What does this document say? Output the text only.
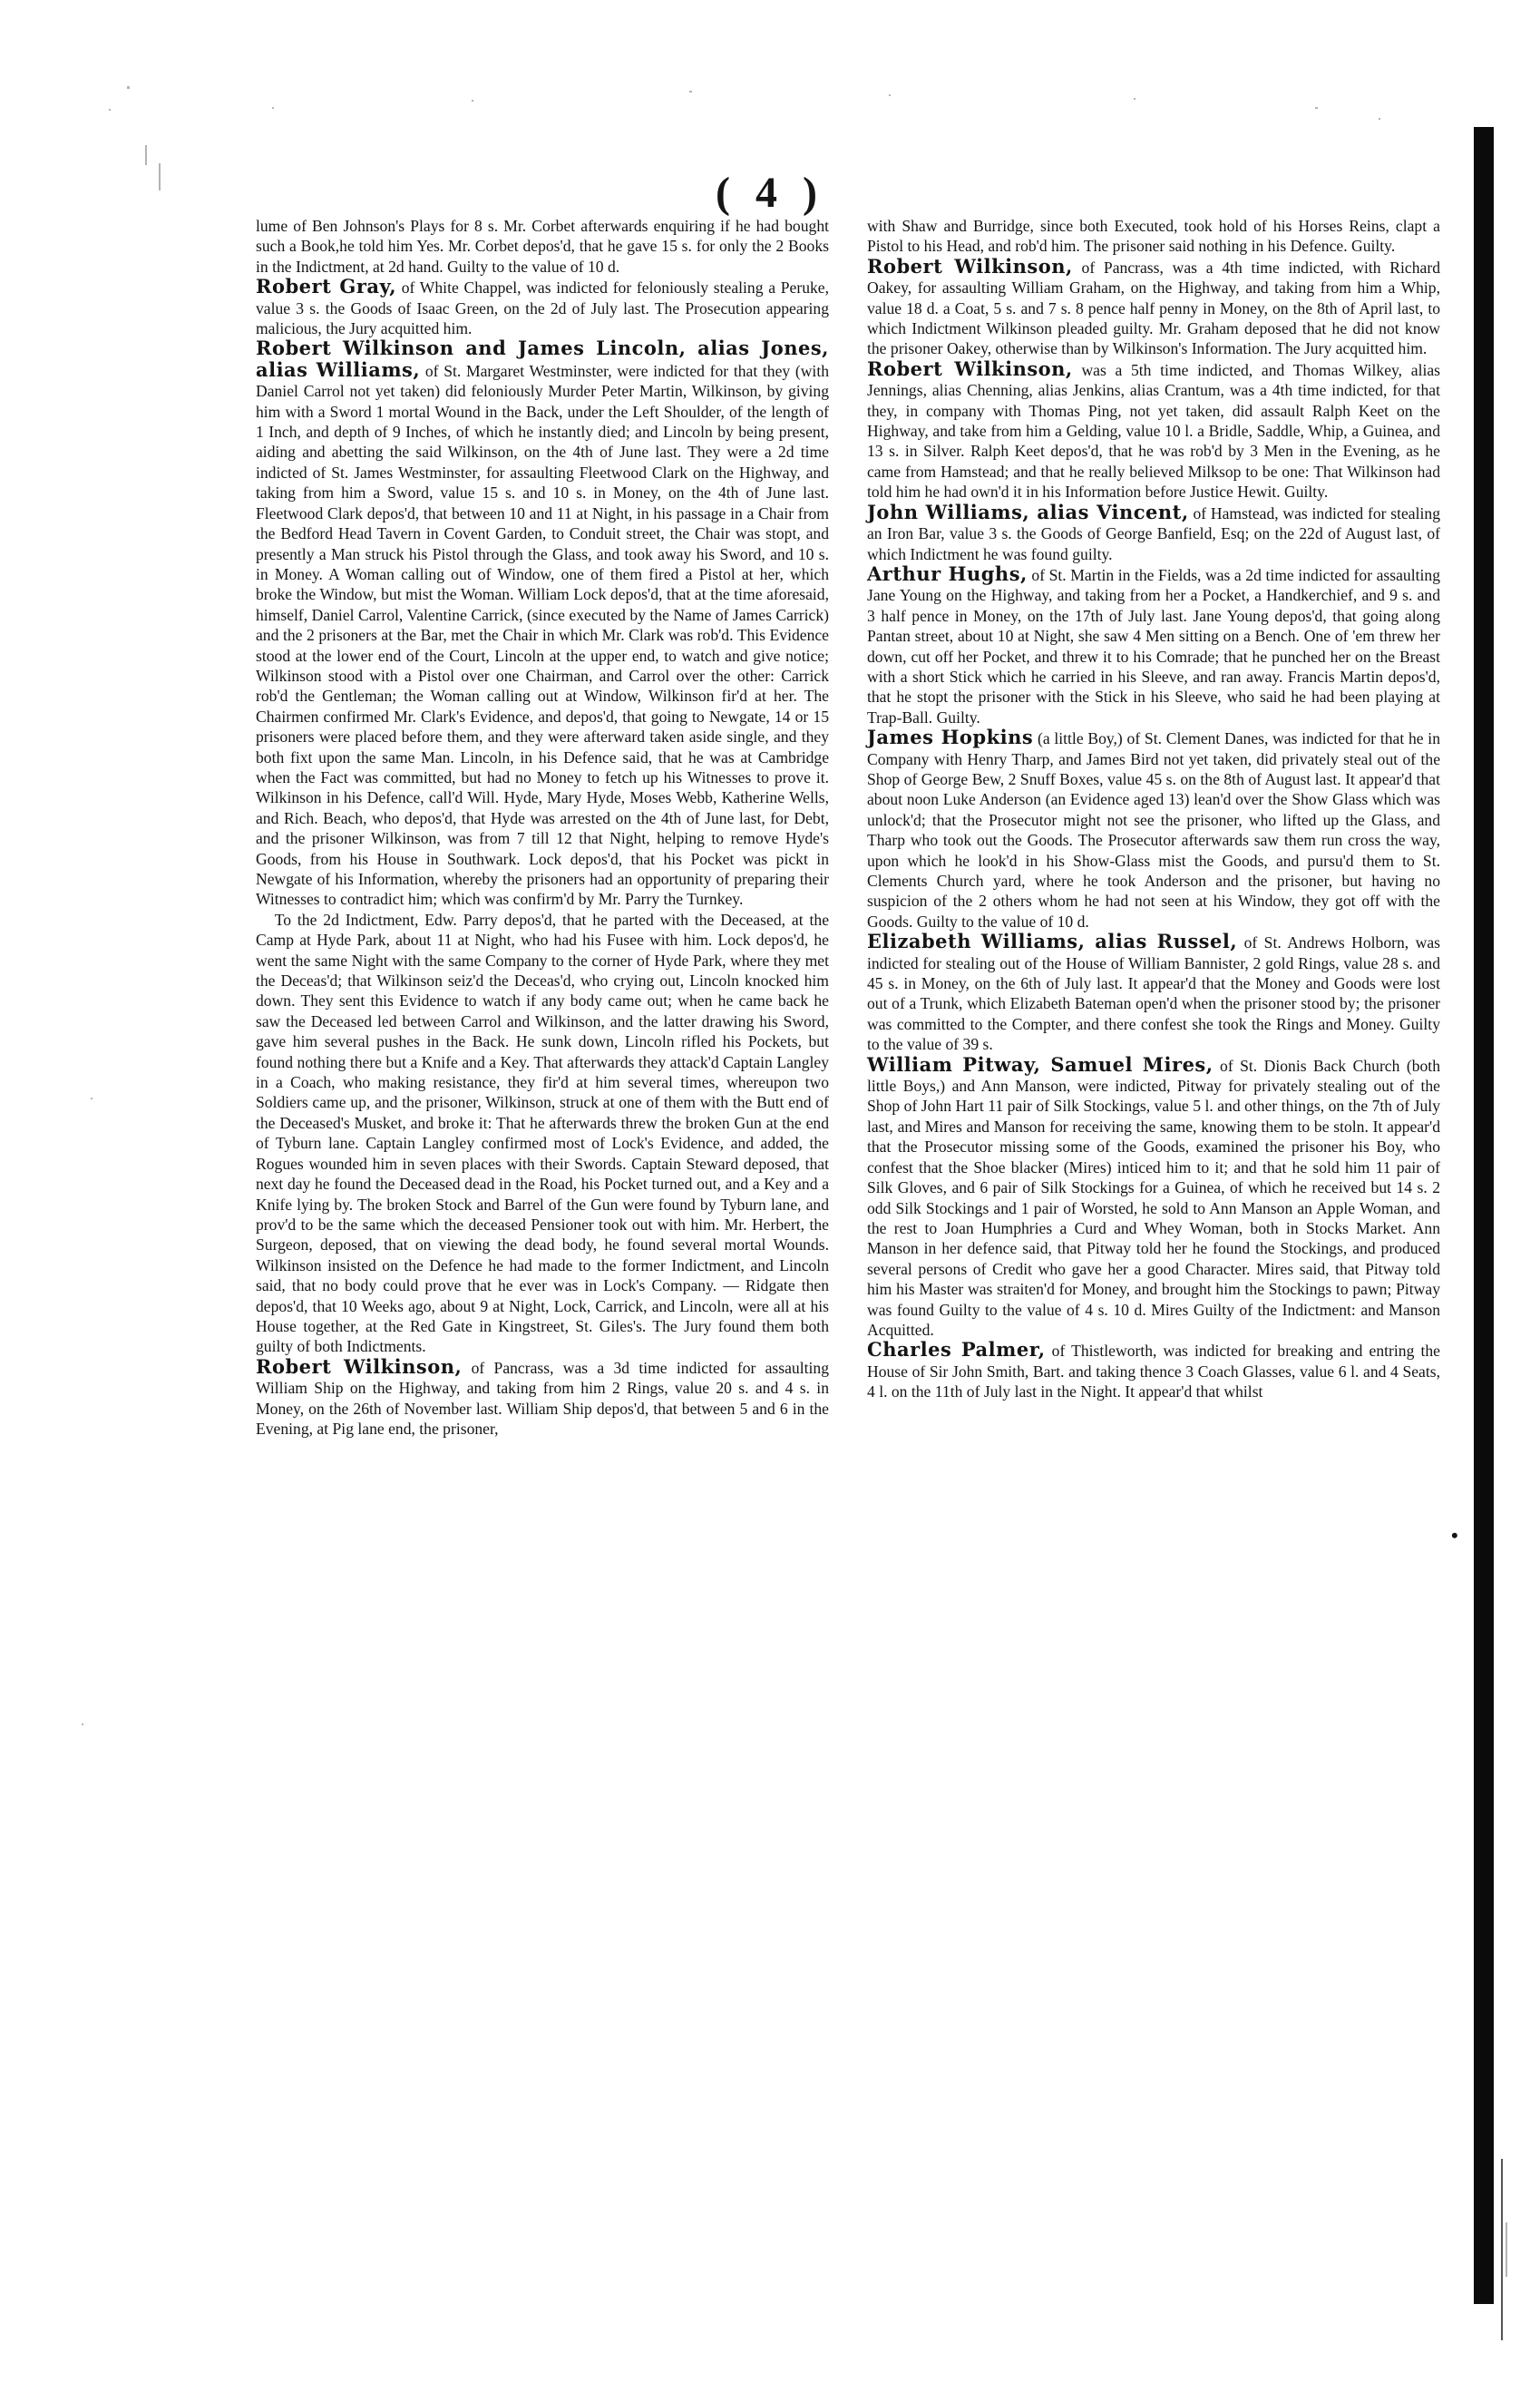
( 4 )

lume of Ben Johnson's Plays for 8 s. Mr. Corbet afterwards enquiring if he had bought such a Book,he told him Yes. Mr. Corbet depos'd, that he gave 15 s. for only the 2 Books in the Indictment, at 2d hand. Guilty to the value of 10 d.

Robert Gray, of White Chappel, was indicted for feloniously stealing a Peruke, value 3 s. the Goods of Isaac Green, on the 2d of July last. The Prosecution appearing malicious, the Jury acquitted him.

Robert Wilkinson and James Lincoln, alias Jones, alias Williams, of St. Margaret Westminster, were indicted for that they (with Daniel Carrol not yet taken) did feloniously Murder Peter Martin, Wilkinson, by giving him with a Sword 1 mortal Wound in the Back, under the Left Shoulder, of the length of 1 Inch, and depth of 9 Inches, of which he instantly died; and Lincoln by being present, aiding and abetting the said Wilkinson, on the 4th of June last. They were a 2d time indicted of St. James Westminster, for assaulting Fleetwood Clark on the Highway, and taking from him a Sword, value 15 s. and 10 s. in Money, on the 4th of June last. Fleetwood Clark depos'd, that between 10 and 11 at Night, in his passage in a Chair from the Bedford Head Tavern in Covent Garden, to Conduit street, the Chair was stopt, and presently a Man struck his Pistol through the Glass, and took away his Sword, and 10 s. in Money. A Woman calling out of Window, one of them fired a Pistol at her, which broke the Window, but mist the Woman. William Lock depos'd, that at the time aforesaid, himself, Daniel Carrol, Valentine Carrick, (since executed by the Name of James Carrick) and the 2 prisoners at the Bar, met the Chair in which Mr. Clark was rob'd. This Evidence stood at the lower end of the Court, Lincoln at the upper end, to watch and give notice; Wilkinson stood with a Pistol over one Chairman, and Carrol over the other: Carrick rob'd the Gentleman; the Woman calling out at Window, Wilkinson fir'd at her. The Chairmen confirmed Mr. Clark's Evidence, and depos'd, that going to Newgate, 14 or 15 prisoners were placed before them, and they were afterward taken aside single, and they both fixt upon the same Man. Lincoln, in his Defence said, that he was at Cambridge when the Fact was committed, but had no Money to fetch up his Witnesses to prove it. Wilkinson in his Defence, call'd Will. Hyde, Mary Hyde, Moses Webb, Katherine Wells, and Rich. Beach, who depos'd, that Hyde was arrested on the 4th of June last, for Debt, and the prisoner Wilkinson, was from 7 till 12 that Night, helping to remove Hyde's Goods, from his House in Southwark. Lock depos'd, that his Pocket was pickt in Newgate of his Information, whereby the prisoners had an opportunity of preparing their Witnesses to contradict him; which was confirm'd by Mr. Parry the Turnkey.

To the 2d Indictment, Edw. Parry depos'd, that he parted with the Deceased, at the Camp at Hyde Park, about 11 at Night, who had his Fusee with him. Lock depos'd, he went the same Night with the same Company to the corner of Hyde Park, where they met the Deceas'd; that Wilkinson seiz'd the Deceas'd, who crying out, Lincoln knocked him down. They sent this Evidence to watch if any body came out; when he came back he saw the Deceased led between Carrol and Wilkinson, and the latter drawing his Sword, gave him several pushes in the Back. He sunk down, Lincoln rifled his Pockets, but found nothing there but a Knife and a Key. That afterwards they attack'd Captain Langley in a Coach, who making resistance, they fir'd at him several times, whereupon two Soldiers came up, and the prisoner, Wilkinson, struck at one of them with the Butt end of the Deceased's Musket, and broke it: That he afterwards threw the broken Gun at the end of Tyburn lane. Captain Langley confirmed most of Lock's Evidence, and added, the Rogues wounded him in seven places with their Swords. Captain Steward deposed, that next day he found the Deceased dead in the Road, his Pocket turned out, and a Key and a Knife lying by. The broken Stock and Barrel of the Gun were found by Tyburn lane, and prov'd to be the same which the deceased Pensioner took out with him. Mr. Herbert, the Surgeon, deposed, that on viewing the dead body, he found several mortal Wounds. Wilkinson insisted on the Defence he had made to the former Indictment, and Lincoln said, that no body could prove that he ever was in Lock's Company. — Ridgate then depos'd, that 10 Weeks ago, about 9 at Night, Lock, Carrick, and Lincoln, were all at his House together, at the Red Gate in Kingstreet, St. Giles's. The Jury found them both guilty of both Indictments.

Robert Wilkinson, of Pancrass, was a 3d time indicted for assaulting William Ship on the Highway, and taking from him 2 Rings, value 20 s. and 4 s. in Money, on the 26th of November last. William Ship depos'd, that between 5 and 6 in the Evening, at Pig lane end, the prisoner,

with Shaw and Burridge, since both Executed, took hold of his Horses Reins, clapt a Pistol to his Head, and rob'd him. The prisoner said nothing in his Defence. Guilty.

Robert Wilkinson, of Pancrass, was a 4th time indicted, with Richard Oakey, for assaulting William Graham, on the Highway, and taking from him a Whip, value 18 d. a Coat, 5 s. and 7 s. 8 pence half penny in Money, on the 8th of April last, to which Indictment Wilkinson pleaded guilty. Mr. Graham deposed that he did not know the prisoner Oakey, otherwise than by Wilkinson's Information. The Jury acquitted him.

Robert Wilkinson, was a 5th time indicted, and Thomas Wilkey, alias Jennings, alias Chenning, alias Jenkins, alias Crantum, was a 4th time indicted, for that they, in company with Thomas Ping, not yet taken, did assault Ralph Keet on the Highway, and take from him a Gelding, value 10 l. a Bridle, Saddle, Whip, a Guinea, and 13 s. in Silver. Ralph Keet depos'd, that he was rob'd by 3 Men in the Evening, as he came from Hamstead; and that he really believed Milksop to be one: That Wilkinson had told him he had own'd it in his Information before Justice Hewit. Guilty.

John Williams, alias Vincent, of Hamstead, was indicted for stealing an Iron Bar, value 3 s. the Goods of George Banfield, Esq; on the 22d of August last, of which Indictment he was found guilty.

Arthur Hughs, of St. Martin in the Fields, was a 2d time indicted for assaulting Jane Young on the Highway, and taking from her a Pocket, a Handkerchief, and 9 s. and 3 half pence in Money, on the 17th of July last. Jane Young depos'd, that going along Pantan street, about 10 at Night, she saw 4 Men sitting on a Bench. One of 'em threw her down, cut off her Pocket, and threw it to his Comrade; that he punched her on the Breast with a short Stick which he carried in his Sleeve, and ran away. Francis Martin depos'd, that he stopt the prisoner with the Stick in his Sleeve, who said he had been playing at Trap-Ball. Guilty.

James Hopkins (a little Boy,) of St. Clement Danes, was indicted for that he in Company with Henry Tharp, and James Bird not yet taken, did privately steal out of the Shop of George Bew, 2 Snuff Boxes, value 45 s. on the 8th of August last. It appear'd that about noon Luke Anderson (an Evidence aged 13) lean'd over the Show Glass which was unlock'd; that the Prosecutor might not see the prisoner, who lifted up the Glass, and Tharp who took out the Goods. The Prosecutor afterwards saw them run cross the way, upon which he look'd in his Show-Glass mist the Goods, and pursu'd them to St. Clements Church yard, where he took Anderson and the prisoner, but having no suspicion of the 2 others whom he had not seen at his Window, they got off with the Goods. Guilty to the value of 10 d.

Elizabeth Williams, alias Russel, of St. Andrews Holborn, was indicted for stealing out of the House of William Bannister, 2 gold Rings, value 28 s. and 45 s. in Money, on the 6th of July last. It appear'd that the Money and Goods were lost out of a Trunk, which Elizabeth Bateman open'd when the prisoner stood by; the prisoner was committed to the Compter, and there confest she took the Rings and Money. Guilty to the value of 39 s.

William Pitway, Samuel Mires, of St. Dionis Back Church (both little Boys,) and Ann Manson, were indicted, Pitway for privately stealing out of the Shop of John Hart 11 pair of Silk Stockings, value 5 l. and other things, on the 7th of July last, and Mires and Manson for receiving the same, knowing them to be stoln. It appear'd that the Prosecutor missing some of the Goods, examined the prisoner his Boy, who confest that the Shoe blacker (Mires) inticed him to it; and that he sold him 11 pair of Silk Gloves, and 6 pair of Silk Stockings for a Guinea, of which he received but 14 s. 2 odd Silk Stockings and 1 pair of Worsted, he sold to Ann Manson an Apple Woman, and the rest to Joan Humphries a Curd and Whey Woman, both in Stocks Market. Ann Manson in her defence said, that Pitway told her he found the Stockings, and produced several persons of Credit who gave her a good Character. Mires said, that Pitway told him his Master was straiten'd for Money, and brought him the Stockings to pawn; Pitway was found Guilty to the value of 4 s. 10 d. Mires Guilty of the Indictment: and Manson Acquitted.

Charles Palmer, of Thistleworth, was indicted for breaking and entring the House of Sir John Smith, Bart. and taking thence 3 Coach Glasses, value 6 l. and 4 Seats, 4 l. on the 11th of July last in the Night. It appear'd that whilst

•
